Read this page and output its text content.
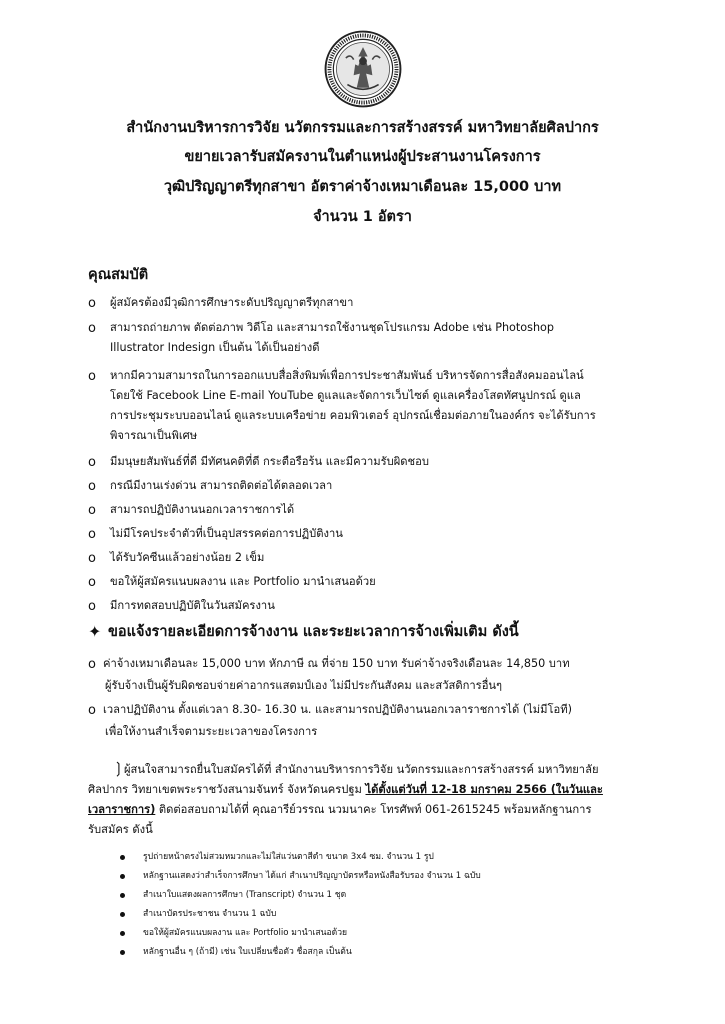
สำนักงานบริหารการวิจัย นวัตกรรมและการสร้างสรรค์ มหาวิทยาลัยศิลปากร
ขยายเวลารับสมัครงานในตำแหน่งผู้ประสานงานโครงการ
วุฒิปริญญาตรีทุกสาขา อัตราค่าจ้างเหมาเดือนละ 15,000 บาท
จำนวน 1 อัตรา
คุณสมบัติ
o ผู้สมัครต้องมีวุฒิการศึกษาระดับปริญญาตรีทุกสาขา
o สามารถถ่ายภาพ ตัดต่อภาพ วิดีโอ และสามารถใช้งานชุดโปรแกรม Adobe เช่น Photoshop
Illustrator Indesign เป็นต้น ได้เป็นอย่างดี
o หากมีความสามารถในการออกแบบสื่อสิ่งพิมพ์เพื่อการประชาสัมพันธ์ บริหารจัดการสื่อสังคมออนไลน์
โดยใช้ Facebook Line E-mail YouTube ดูแลและจัดการเว็บไซต์ ดูแลเครื่องโสตทัศนูปกรณ์ ดูแล
การประชุมระบบออนไลน์ ดูแลระบบเครือข่าย คอมพิวเตอร์ อุปกรณ์เชื่อมต่อภายในองค์กร จะได้รับการ
พิจารณาเป็นพิเศษ
o มีมนุษยสัมพันธ์ที่ดี มีทัศนคติที่ดี กระตือรือร้น และมีความรับผิดชอบ
o กรณีมีงานเร่งด่วน สามารถติดต่อได้ตลอดเวลา
o สามารถปฏิบัติงานนอกเวลาราชการได้
o ไม่มีโรคประจำตัวที่เป็นอุปสรรคต่อการปฏิบัติงาน
o ได้รับวัคซีนแล้วอย่างน้อย 2 เข็ม
o ขอให้ผู้สมัครแนบผลงาน และ Portfolio มานำเสนอด้วย
o มีการทดสอบปฏิบัติในวันสมัครงาน
✦ ขอแจ้งรายละเอียดการจ้างงาน และระยะเวลาการจ้างเพิ่มเติม ดังนี้
o ค่าจ้างเหมาเดือนละ 15,000 บาท หักภาษี ณ ที่จ่าย 150 บาท รับค่าจ้างจริงเดือนละ 14,850 บาท
ผู้รับจ้างเป็นผู้รับผิดชอบจ่ายค่าอากรแสตมป์เอง ไม่มีประกันสังคม และสวัสดิการอื่นๆ
o เวลาปฏิบัติงาน ตั้งแต่เวลา 8.30- 16.30 น. และสามารถปฏิบัติงานนอกเวลาราชการได้ (ไม่มีโอที)
เพื่อให้งานสำเร็จตามระยะเวลาของโครงการ
❳ ผู้สนใจสามารถยื่นใบสมัครได้ที่ สำนักงานบริหารการวิจัย นวัตกรรมและการสร้างสรรค์ มหาวิทยาลัย
ศิลปากร วิทยาเขตพระราชวังสนามจันทร์ จังหวัดนครปฐม ได้ตั้งแต่วันที่ 12-18 มกราคม 2566 (ในวันและ
เวลาราชการ) ติดต่อสอบถามได้ที่ คุณอารีย์วรรณ นวมนาคะ โทรศัพท์ 061-2615245 พร้อมหลักฐานการ
รับสมัคร ดังนี้
รูปถ่ายหน้าตรงไม่สวมหมวกและไม่ใส่แว่นตาสีดำ ขนาด 3x4 ซม. จำนวน 1 รูป
หลักฐานแสดงว่าสำเร็จการศึกษา ได้แก่ สำเนาปริญญาบัตรหรือหนังสือรับรอง จำนวน 1 ฉบับ
สำเนาใบแสดงผลการศึกษา (Transcript) จำนวน 1 ชุด
สำเนาบัตรประชาชน จำนวน 1 ฉบับ
ขอให้ผู้สมัครแนบผลงาน และ Portfolio มานำเสนอด้วย
หลักฐานอื่น ๆ (ถ้ามี) เช่น ใบเปลี่ยนชื่อตัว ชื่อสกุล เป็นต้น
